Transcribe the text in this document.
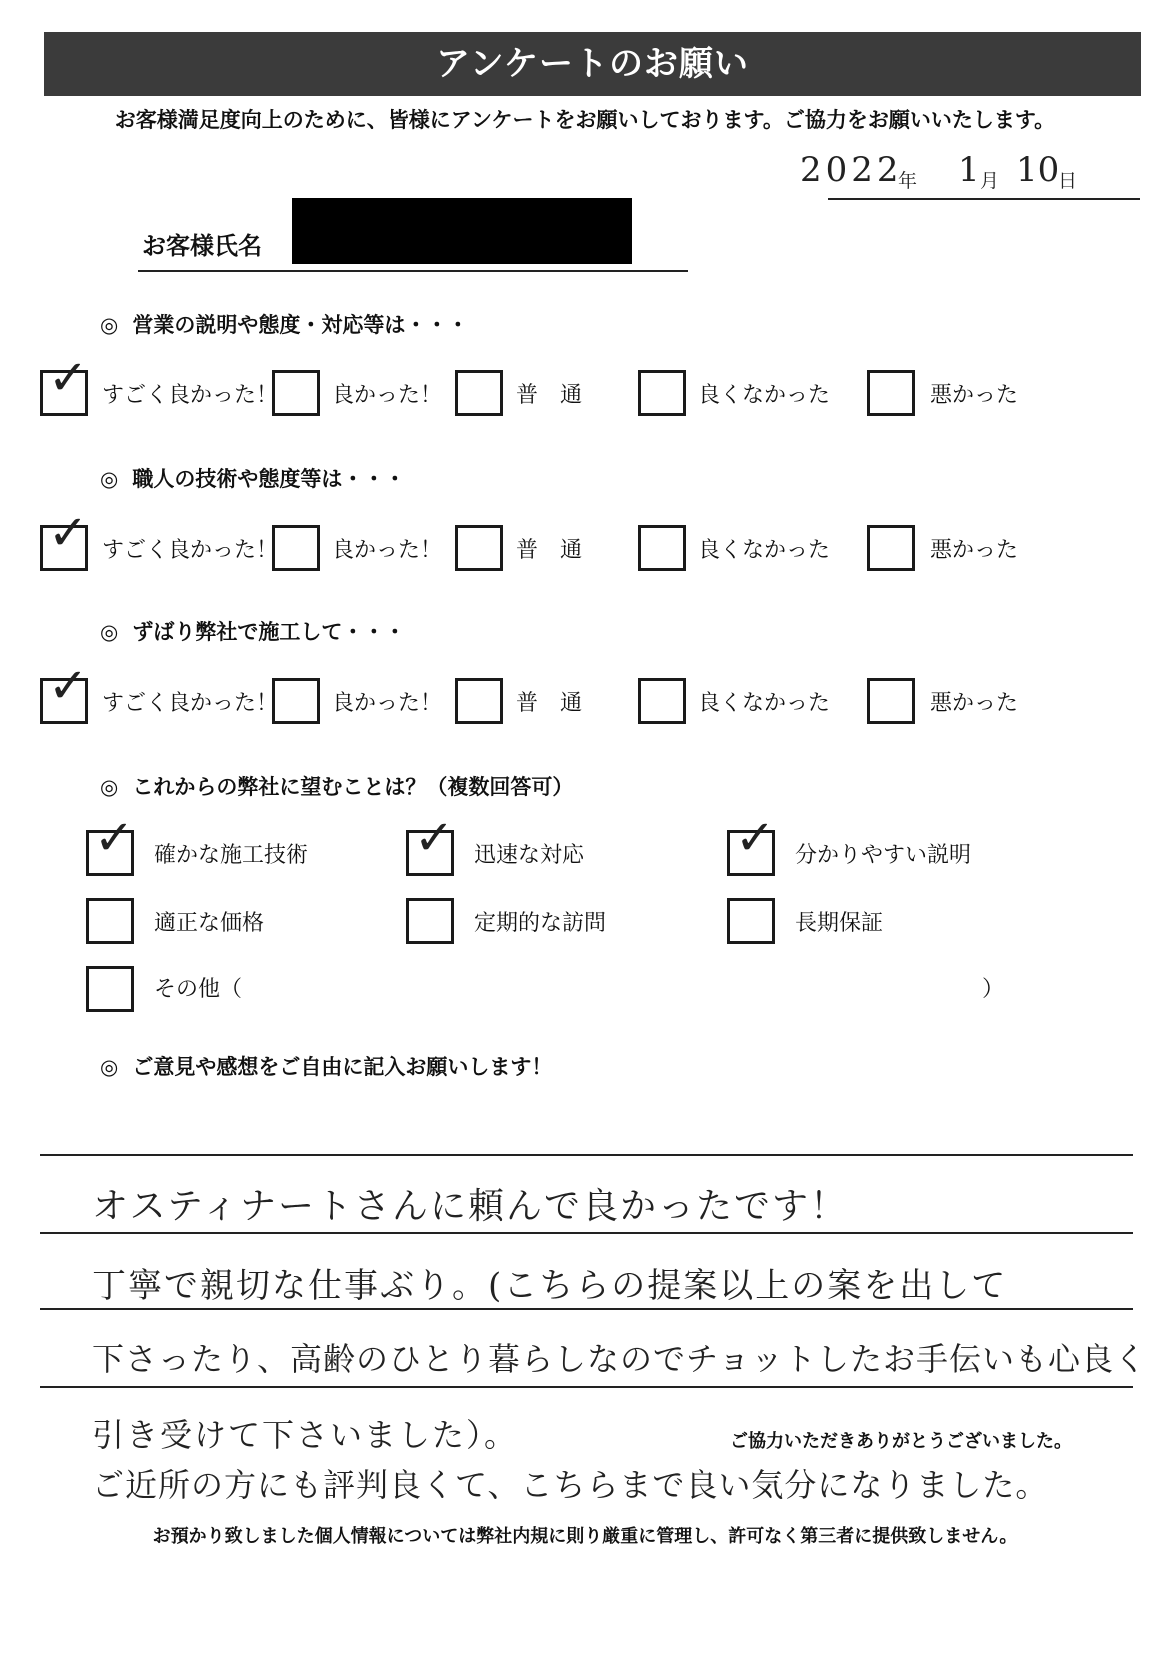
アンケートのお願い
お客様満足度向上のために、皆様にアンケートをお願いしております。ご協力をお願いいたします。
2022
年 1 月 10
日
お客様氏名
◎ 営業の説明や態度・対応等は・・・
✓ すごく良かった！ 良かった！	普　通	良くなかった	悪かった
◎ 職人の技術や態度等は・・・
✓ すごく良かった！ 良かった！	普　通	良くなかった	悪かった
◎ ずばり弊社で施工して・・・
✓ すごく良かった！ 良かった！	普　通	良くなかった	悪かった
◎ これからの弊社に望むことは？（複数回答可）
✓ 確かな施工技術 ✓ 迅速な対応	✓ 分かりやすい説明
適正な価格	定期的な訪問	長期保証
その他（	）
◎ ご意見や感想をご自由に記入お願いします！
オスティナートさんに頼んで良かったです！
丁寧で親切な仕事ぶり。(こちらの提案以上の案を出して
下さったり、高齢のひとり暮らしなのでチョットしたお手伝いも心良く
引き受けて下さいました）。
ご近所の方にも評判良くて、こちらまで良い気分になりました。
ご協力いただきありがとうございました。
お預かり致しました個人情報については弊社内規に則り厳重に管理し、許可なく第三者に提供致しません。
